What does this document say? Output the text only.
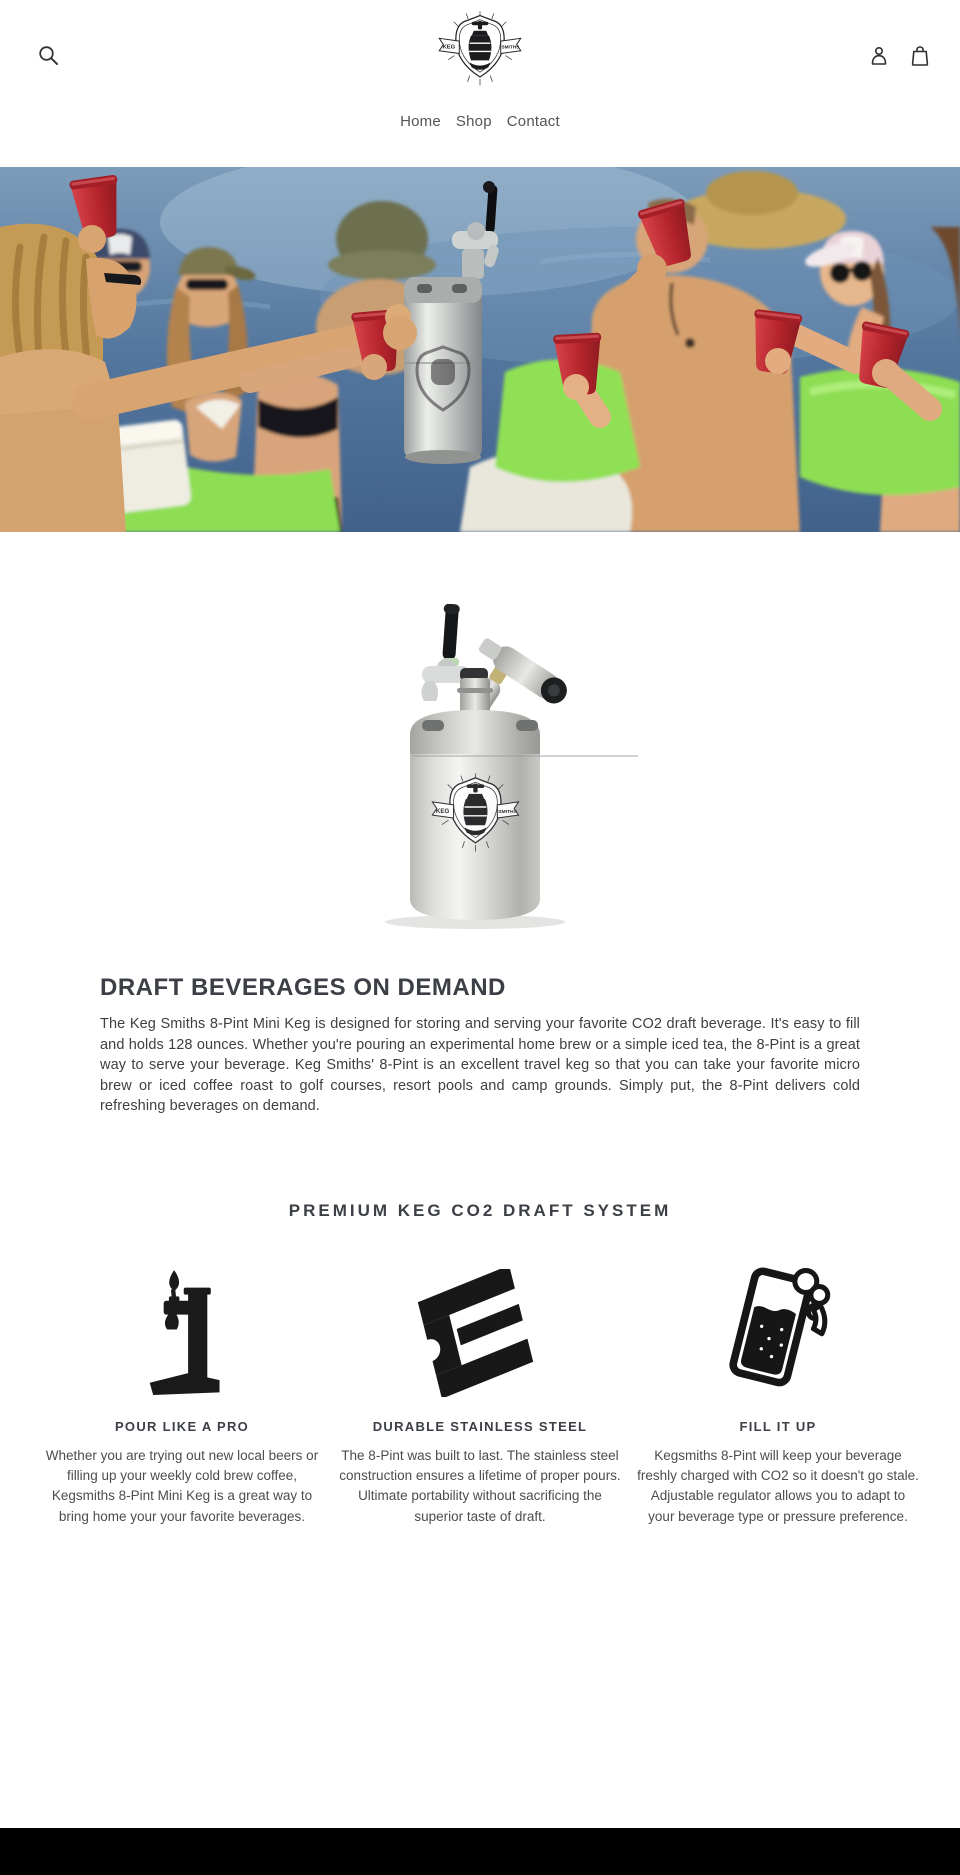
Home Shop Contact
DRAFT BEVERAGES ON DEMAND

The Keg Smiths 8-Pint Mini Keg is designed for storing and serving your favorite CO2 draft beverage. It's easy to fill and holds 128 ounces. Whether you're pouring an experimental home brew or a simple iced tea, the 8-Pint is a great way to serve your beverage. Keg Smiths' 8-Pint is an excellent travel keg so that you can take your favorite micro brew or iced coffee roast to golf courses, resort pools and camp grounds. Simply put, the 8-Pint delivers cold refreshing beverages on demand.

PREMIUM KEG CO2 DRAFT SYSTEM
POUR LIKE A PRO

Whether you are trying out new local beers or filling up your weekly cold brew coffee, Kegsmiths 8-Pint Mini Keg is a great way to bring home your your favorite beverages.

DURABLE STAINLESS STEEL

The 8-Pint was built to last. The stainless steel construction ensures a lifetime of proper pours. Ultimate portability without sacrificing the superior taste of draft.

FILL IT UP

Kegsmiths 8-Pint will keep your beverage freshly charged with CO2 so it doesn't go stale. Adjustable regulator allows you to adapt to your beverage type or pressure preference.
